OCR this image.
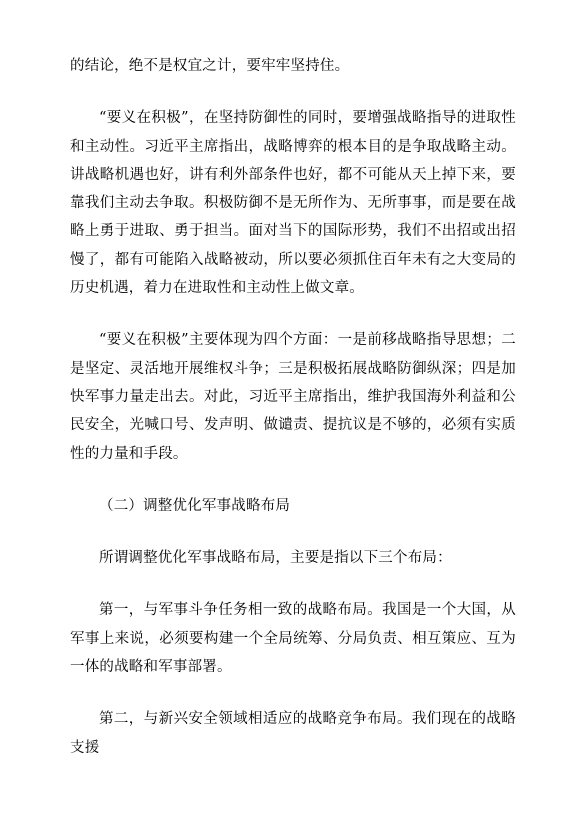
的结论，绝不是权宜之计，要牢牢坚持住。

“要义在积极”，在坚持防御性的同时，要增强战略指导的进取性和主动性。习近平主席指出，战略博弈的根本目的是争取战略主动。讲战略机遇也好，讲有利外部条件也好，都不可能从天上掉下来，要靠我们主动去争取。积极防御不是无所作为、无所事事，而是要在战略上勇于进取、勇于担当。面对当下的国际形势，我们不出招或出招慢了，都有可能陷入战略被动，所以要必须抓住百年未有之大变局的历史机遇，着力在进取性和主动性上做文章。

“要义在积极”主要体现为四个方面：一是前移战略指导思想；二是坚定、灵活地开展维权斗争；三是积极拓展战略防御纵深；四是加快军事力量走出去。对此，习近平主席指出，维护我国海外利益和公民安全，光喊口号、发声明、做谴责、提抗议是不够的，必须有实质性的力量和手段。

（二）调整优化军事战略布局

所谓调整优化军事战略布局，主要是指以下三个布局：

第一，与军事斗争任务相一致的战略布局。我国是一个大国，从军事上来说，必须要构建一个全局统筹、分局负责、相互策应、互为一体的战略和军事部署。

第二，与新兴安全领域相适应的战略竞争布局。我们现在的战略支援
